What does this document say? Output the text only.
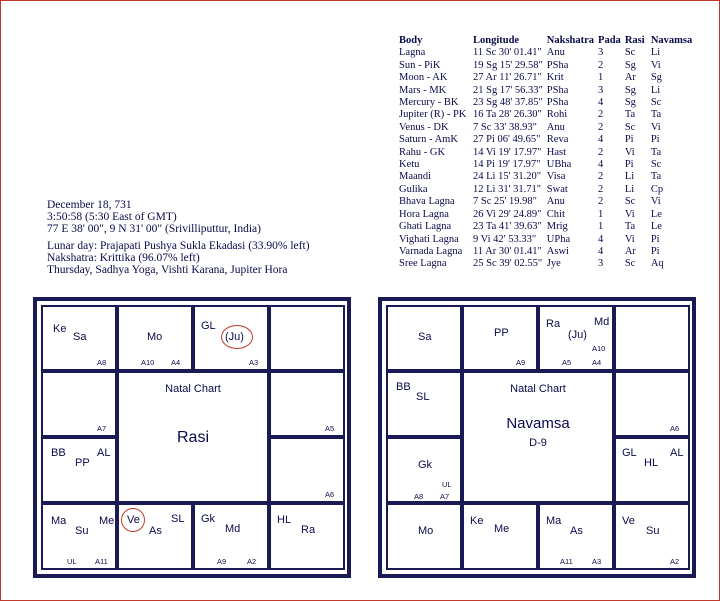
December 18, 731
3:50:58 (5:30 East of GMT)
77 E 38' 00", 9 N 31' 00" (Srivilliputtur, India)
Lunar day: Prajapati Pushya Sukla Ekadasi (33.90% left)
Nakshatra: Krittika (96.07% left)
Thursday, Sadhya Yoga, Vishti Karana, Jupiter Hora
Body	Longitude	Nakshatra	Pada	Rasi	Navamsa
Lagna	11 Sc 30' 01.41"	Anu	3	Sc	Li
Sun - PiK	19 Sg 15' 29.58"	PSha	2	Sg	Vi
Moon - AK	27 Ar 11' 26.71"	Krit	1	Ar	Sg
Mars - MK	21 Sg 17' 56.33"	PSha	3	Sg	Li
Mercury - BK	23 Sg 48' 37.85"	PSha	4	Sg	Sc
Jupiter (R) - PK	16 Ta 28' 26.30"	Rohi	2	Ta	Ta
Venus - DK	7 Sc 33' 38.93"	Anu	2	Sc	Vi
Saturn - AmK	27 Pi 06' 49.65"	Reva	4	Pi	Pi
Rahu - GK	14 Vi 19' 17.97"	Hast	2	Vi	Ta
Ketu	14 Pi 19' 17.97"	UBha	4	Pi	Sc
Maandi	24 Li 15' 31.20"	Visa	2	Li	Ta
Gulika	12 Li 31' 31.71"	Swat	2	Li	Cp
Bhava Lagna	7 Sc 25' 19.98"	Anu	2	Sc	Vi
Hora Lagna	26 Vi 29' 24.89"	Chit	1	Vi	Le
Ghati Lagna	23 Ta 41' 39.63"	Mrig	1	Ta	Le
Vighati Lagna	9 Vi 42' 53.33"	UPha	4	Vi	Pi
Varnada Lagna	11 Ar 30' 01.41"	Aswi	4	Ar	Pi
Sree Lagna	25 Sc 39' 02.55"	Jye	3	Sc	Aq
Ke
Sa
A8
Mo
A10 A4
GL
(Ju)
A3
A7
BB	AL
PP
A5
A6
Natal Chart
Rasi
Ma	Me
Su
UL A11
Ve	SL
As
Gk
Md
A9	A2
HL
Ra
Sa	PP
A9
Ra
(Ju)
Md
A10
A5	A4
BB
SL
Gk
UL
A8 A7
A6
GL
HL
AL
Natal Chart
Navamsa
D-9
Mo
Ke
Me
Ma
As
A11	A3
Ve
Su
A2
